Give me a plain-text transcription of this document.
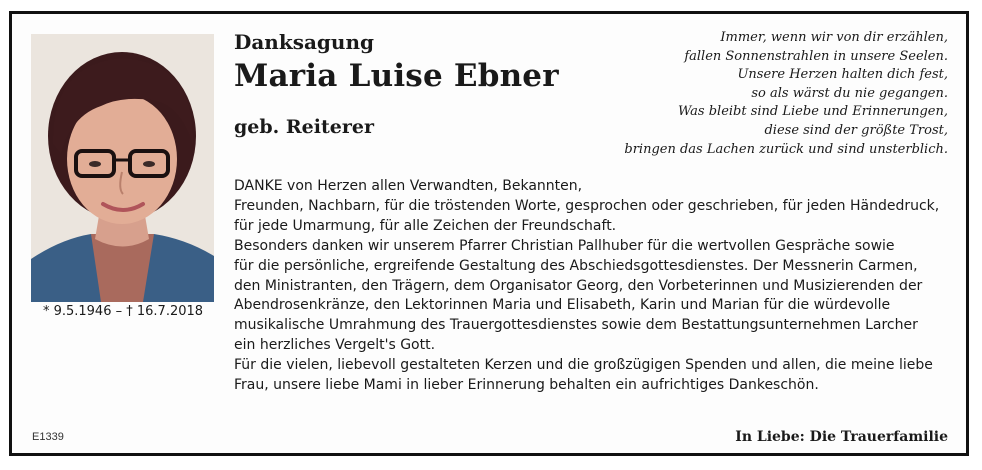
* 9.5.1946 – † 16.7.2018
E1339
Danksagung
Maria Luise Ebner
geb. Reiterer
Immer, wenn wir von dir erzählen,
fallen Sonnenstrahlen in unsere Seelen.
Unsere Herzen halten dich fest,
so als wärst du nie gegangen.
Was bleibt sind Liebe und Erinnerungen,
diese sind der größte Trost,
bringen das Lachen zurück und sind unsterblich.
DANKE von Herzen allen Verwandten, Bekannten,
Freunden, Nachbarn, für die tröstenden Worte, gesprochen oder geschrieben, für jeden Händedruck,
für jede Umarmung, für alle Zeichen der Freundschaft.
Besonders danken wir unserem Pfarrer Christian Pallhuber für die wertvollen Gespräche sowie
für die persönliche, ergreifende Gestaltung des Abschiedsgottesdienstes. Der Messnerin Carmen,
den Ministranten, den Trägern, dem Organisator Georg, den Vorbeterinnen und Musizierenden der
Abendrosenkränze, den Lektorinnen Maria und Elisabeth, Karin und Marian für die würdevolle
musikalische Umrahmung des Trauergottesdienstes sowie dem Bestattungsunternehmen Larcher
ein herzliches Vergelt's Gott.
Für die vielen, liebevoll gestalteten Kerzen und die großzügigen Spenden und allen, die meine liebe
Frau, unsere liebe Mami in lieber Erinnerung behalten ein aufrichtiges Dankeschön.
In Liebe: Die Trauerfamilie
